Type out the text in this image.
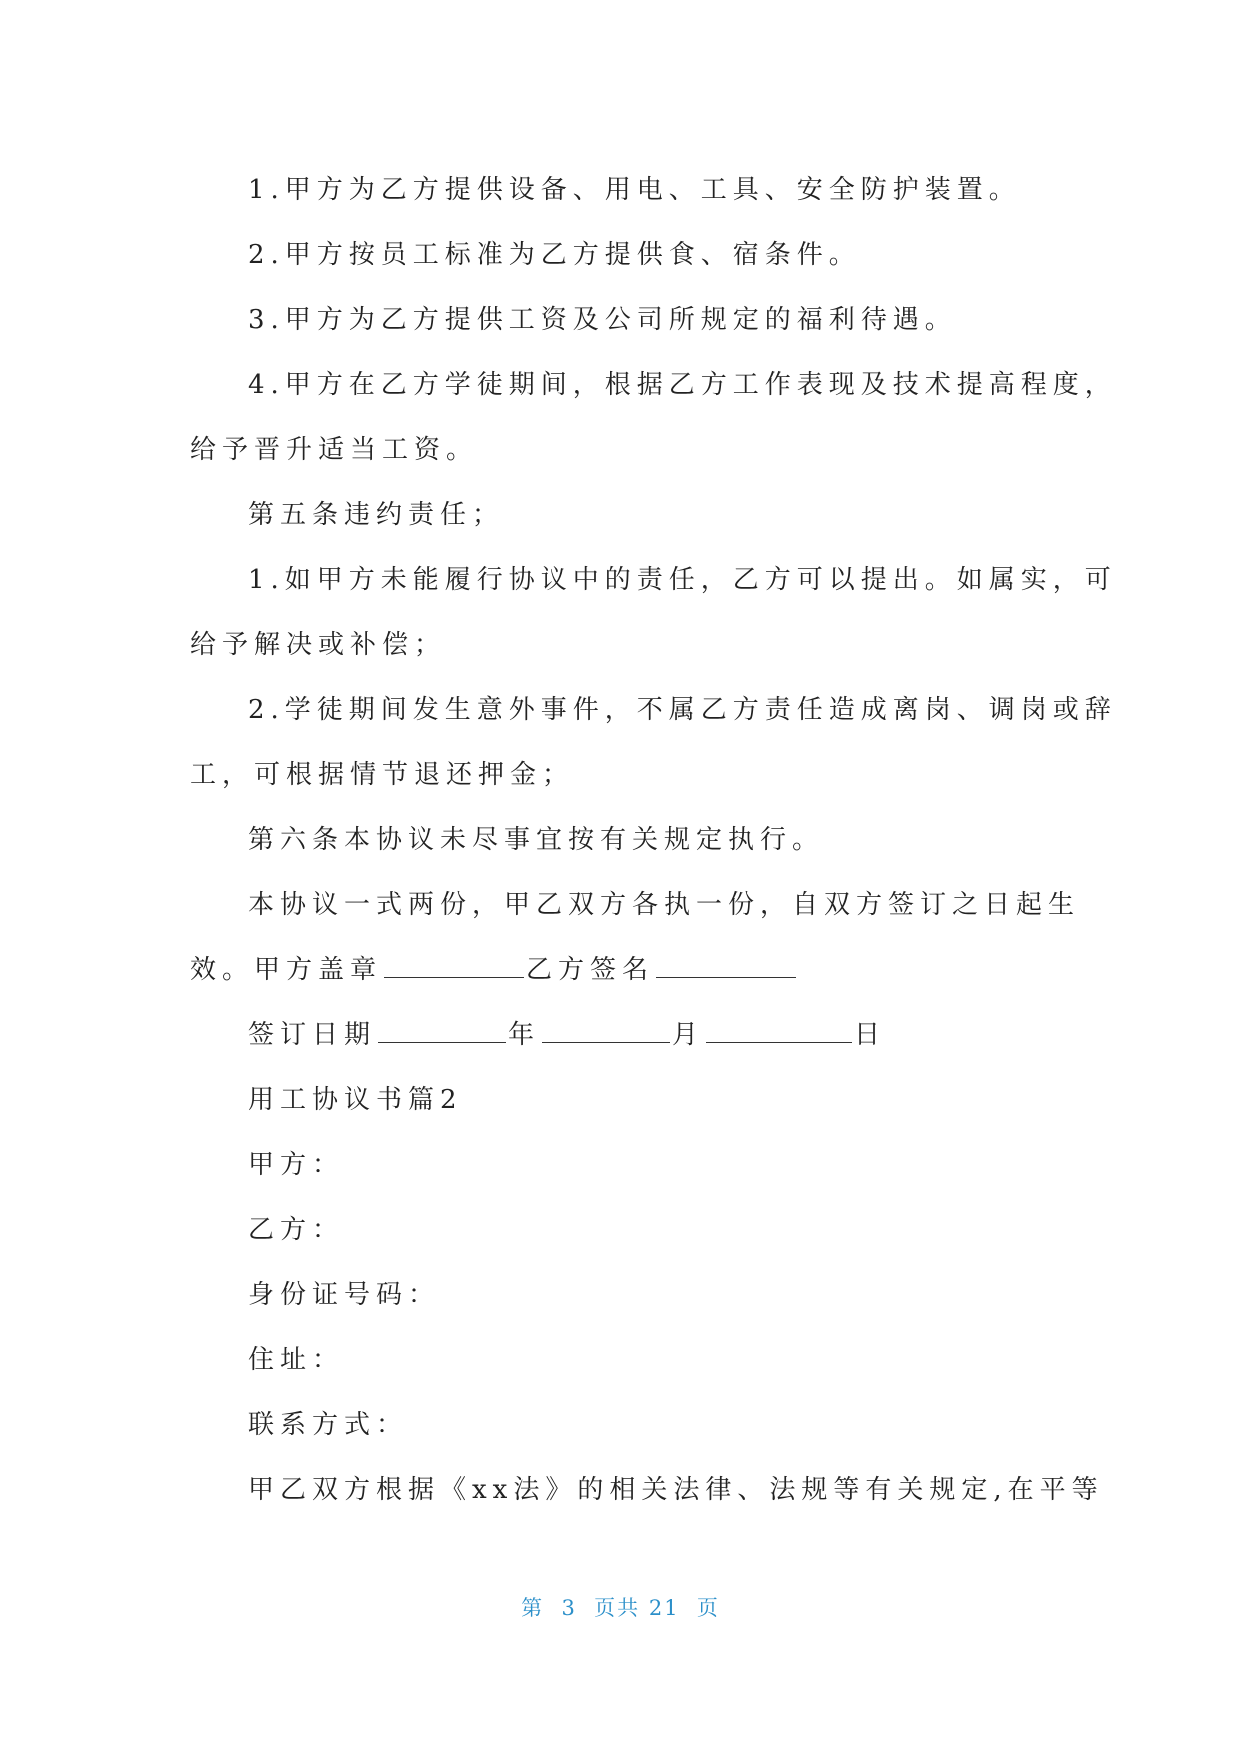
1.甲方为乙方提供设备、用电、工具、安全防护装置。

2.甲方按员工标准为乙方提供食、宿条件。

3.甲方为乙方提供工资及公司所规定的福利待遇。

4.甲方在乙方学徒期间，根据乙方工作表现及技术提高程度，

给予晋升适当工资。

第五条违约责任；

1.如甲方未能履行协议中的责任，乙方可以提出。如属实，可

给予解决或补偿；

2.学徒期间发生意外事件，不属乙方责任造成离岗、调岗或辞

工，可根据情节退还押金；

第六条本协议未尽事宜按有关规定执行。

本协议一式两份，甲乙双方各执一份，自双方签订之日起生

效。甲方盖章	乙方签名

签订日期	年	月	日

用工协议书篇2

甲方：

乙方：

身份证号码：

住址：

联系方式：

甲乙双方根据《xx法》的相关法律、法规等有关规定,在平等

第  3  页共 21  页
